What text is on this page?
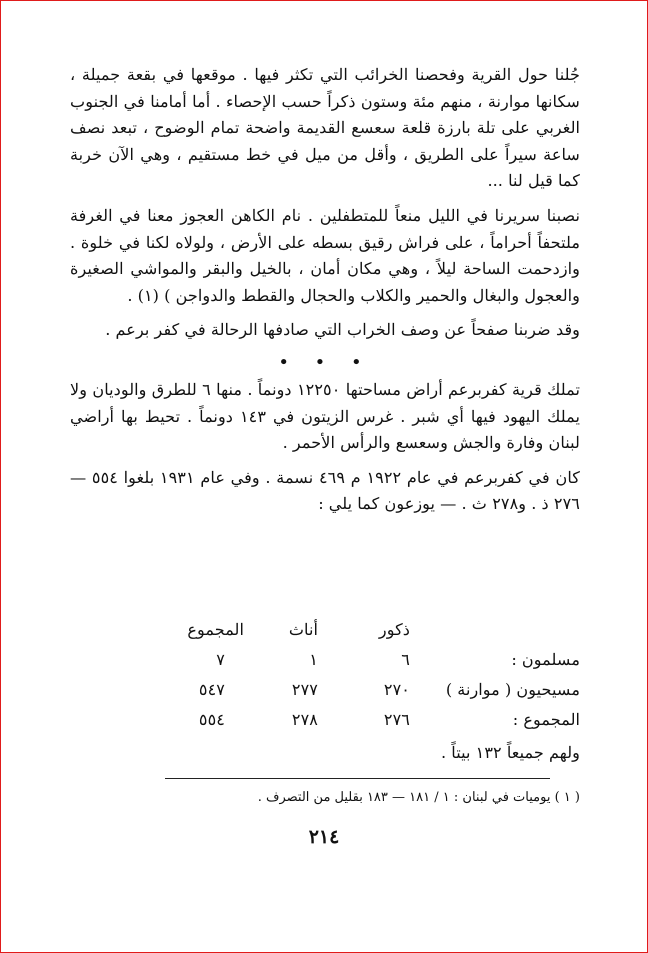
جُلنا حول القرية وفحصنا الخرائب التي تكثر فيها . موقعها في بقعة جميلة ، سكانها موارنة ، منهم مئة وستون ذكراً حسب الإحصاء . أما أمامنا في الجنوب الغربي على تلة بارزة قلعة سعسع القديمة واضحة تمام الوضوح ، تبعد نصف ساعة سيراً على الطريق ، وأقل من ميل في خط مستقيم ، وهي الآن خربة كما قيل لنا ...

نصبنا سريرنا في الليل منعاً للمتطفلين . نام الكاهن العجوز معنا في الغرفة ملتحفاً أحراماً ، على فراش رقيق بسطه على الأرض ، ولولاه لكنا في خلوة . وازدحمت الساحة ليلاً ، وهي مكان أمان ، بالخيل والبقر والمواشي الصغيرة والعجول والبغال والحمير والكلاب والحجال والقطط والدواجن ) (١) .

وقد ضربنا صفحاً عن وصف الخراب التي صادفها الرحالة في كفر برعم .

• • •

تملك قرية كفربرعم أراض مساحتها ١٢٢٥٠ دونماً . منها ٦ للطرق والوديان ولا يملك اليهود فيها أي شبر . غرس الزيتون في ١٤٣ دونماً . تحيط بها أراضي لبنان وفارة والجش وسعسع والرأس الأحمر .

كان في كفربرعم في عام ١٩٢٢ م ٤٦٩ نسمة . وفي عام ١٩٣١ بلغوا ٥٥٤ — ٢٧٦ ذ . و٢٧٨ ث . — يوزعون كما يلي :

ذكور
أناث
المجموع
مسلمون :
٦
١
٧
مسيحيون ( موارنة )
٢٧٠
٢٧٧
٥٤٧
المجموع :
٢٧٦
٢٧٨
٥٥٤
ولهم جميعاً ١٣٢ بيتاً .
( ١ ) يوميات في لبنان : ١ / ١٨١ — ١٨٣ بقليل من التصرف .
٢١٤
